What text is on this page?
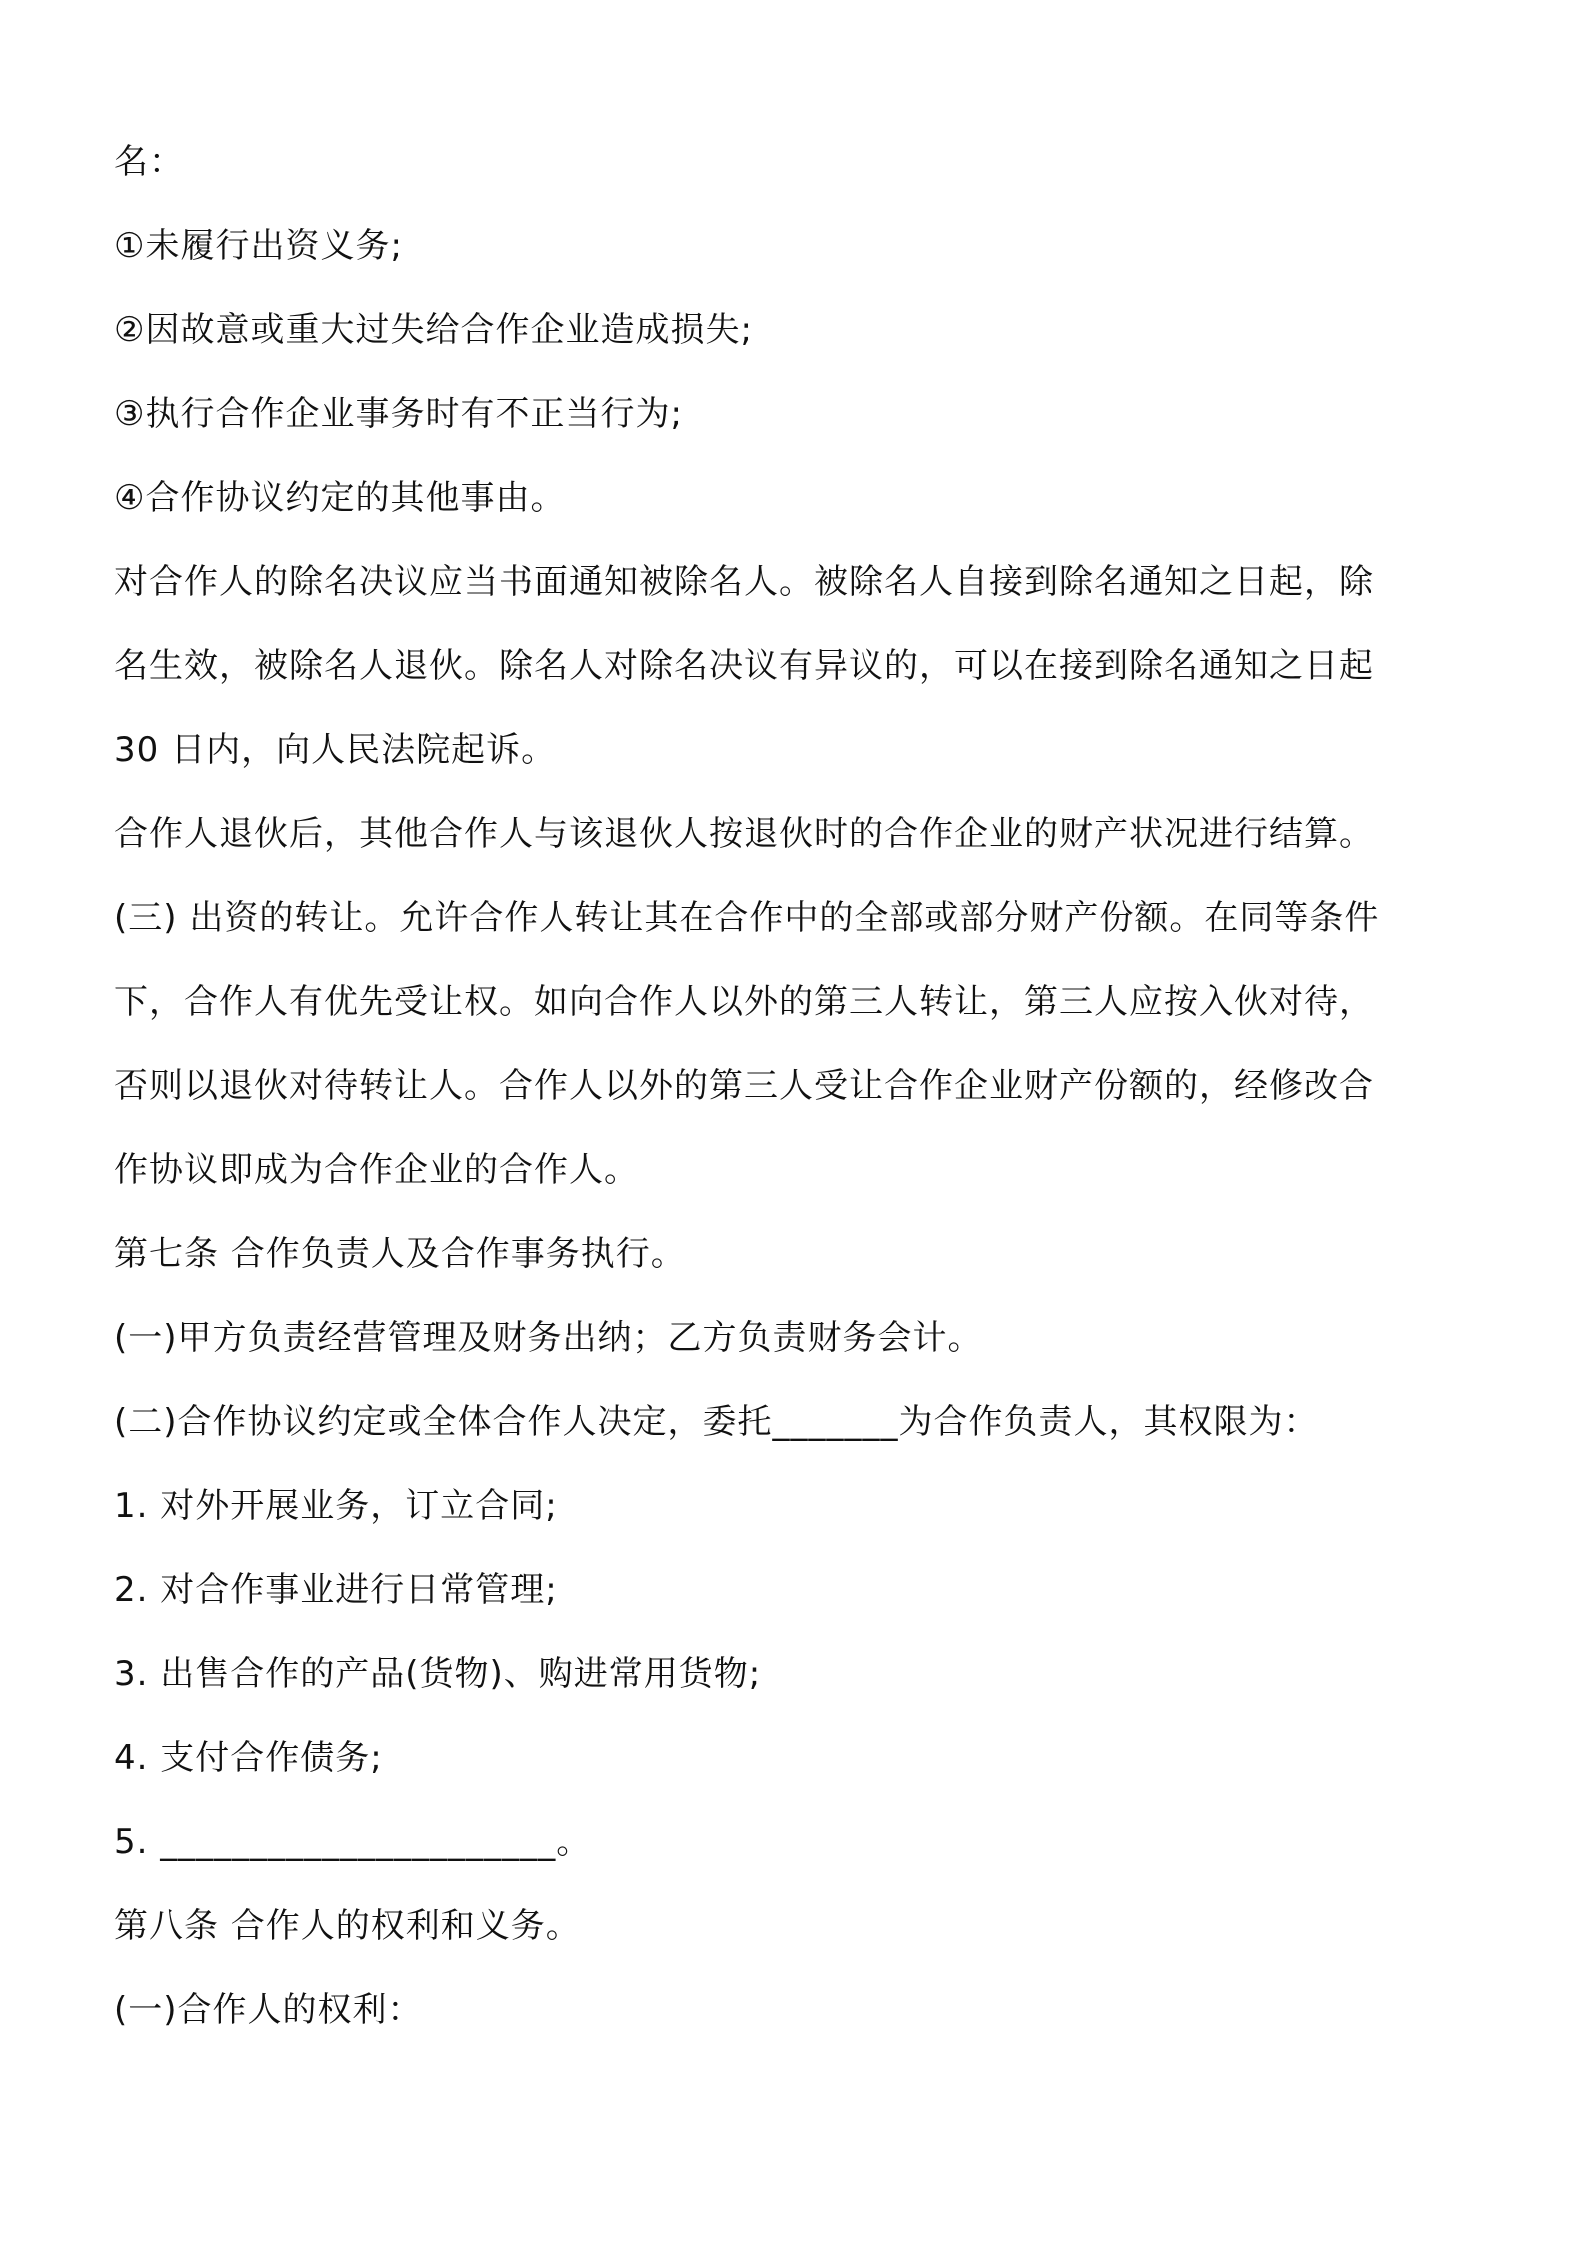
名：
①未履行出资义务;
②因故意或重大过失给合作企业造成损失;
③执行合作企业事务时有不正当行为;
④合作协议约定的其他事由。
对合作人的除名决议应当书面通知被除名人。被除名人自接到除名通知之日起，除
名生效，被除名人退伙。除名人对除名决议有异议的，可以在接到除名通知之日起
30 日内，向人民法院起诉。
合作人退伙后，其他合作人与该退伙人按退伙时的合作企业的财产状况进行结算。
(三) 出资的转让。允许合作人转让其在合作中的全部或部分财产份额。在同等条件
下，合作人有优先受让权。如向合作人以外的第三人转让，第三人应按入伙对待，
否则以退伙对待转让人。合作人以外的第三人受让合作企业财产份额的，经修改合
作协议即成为合作企业的合作人。
第七条 合作负责人及合作事务执行。
(一)甲方负责经营管理及财务出纳；乙方负责财务会计。
(二)合作协议约定或全体合作人决定，委托_______为合作负责人，其权限为：
1. 对外开展业务，订立合同;
2. 对合作事业进行日常管理;
3. 出售合作的产品(货物)、购进常用货物;
4. 支付合作债务;
5. ______________________。
第八条 合作人的权利和义务。
(一)合作人的权利：
